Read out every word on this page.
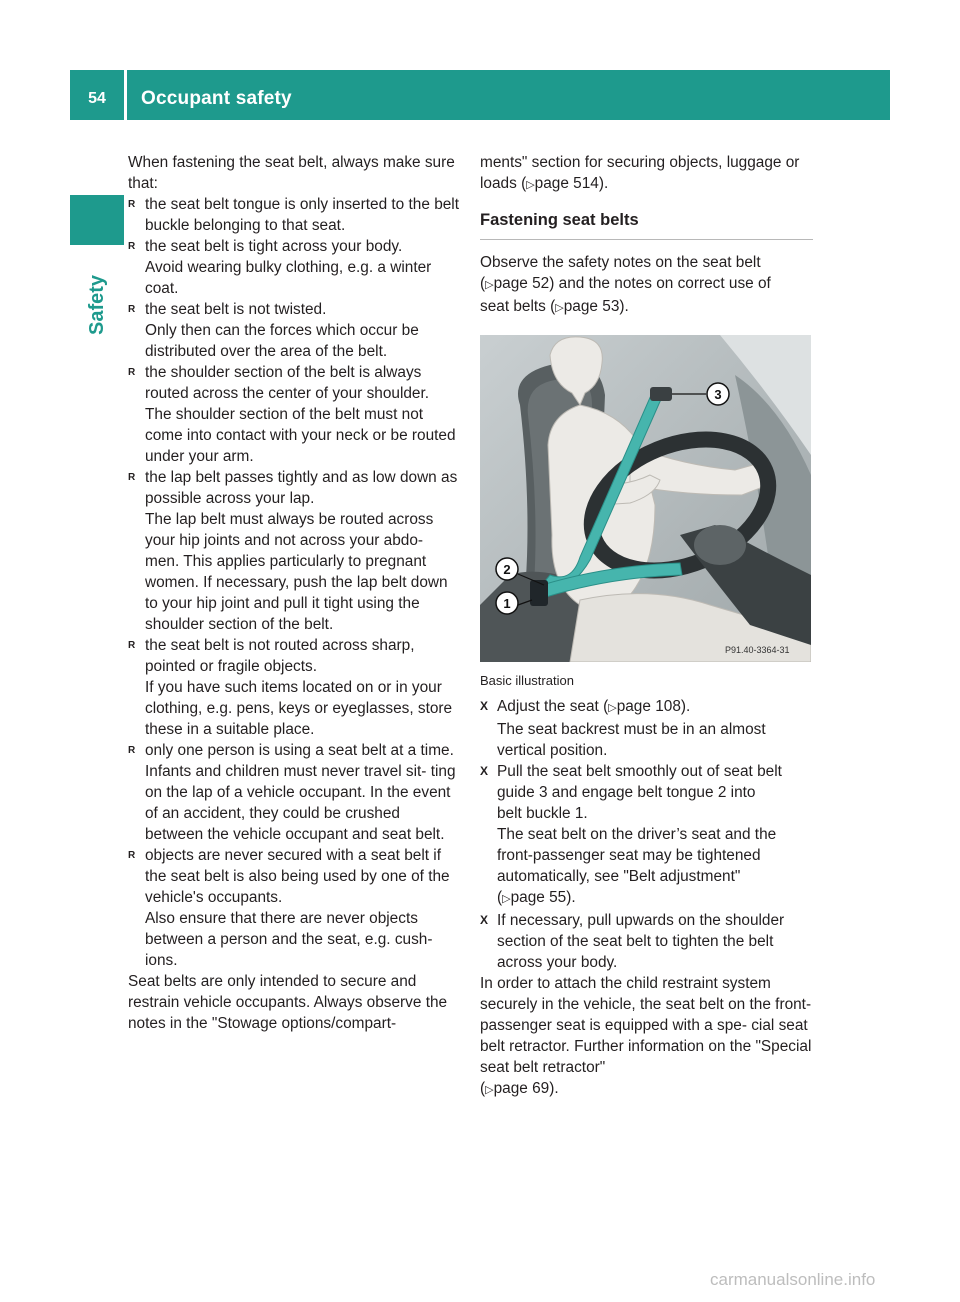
54	Occupant safety
Safety

When fastening the seat belt, always make sure that:

R the seat belt tongue is only inserted to the belt buckle belonging to that seat.

R the seat belt is tight across your body.

Avoid wearing bulky clothing, e.g. a winter coat.

R the seat belt is not twisted.

Only then can the forces which occur be distributed over the area of the belt.

R the shoulder section of the belt is always routed across the center of your shoulder.

The shoulder section of the belt must not come into contact with your neck or be routed under your arm.

R the lap belt passes tightly and as low down as possible across your lap.

The lap belt must always be routed across your hip joints and not across your abdo- men. This applies particularly to pregnant women. If necessary, push the lap belt down to your hip joint and pull it tight using the shoulder section of the belt.

R the seat belt is not routed across sharp, pointed or fragile objects.

If you have such items located on or in your clothing, e.g. pens, keys or eyeglasses, store these in a suitable place.

R only one person is using a seat belt at a time.

Infants and children must never travel sit- ting on the lap of a vehicle occupant. In the event of an accident, they could be crushed between the vehicle occupant and seat belt.

R objects are never secured with a seat belt if the seat belt is also being used by one of the vehicle's occupants.

Also ensure that there are never objects between a person and the seat, e.g. cush- ions.

Seat belts are only intended to secure and restrain vehicle occupants. Always observe the notes in the "Stowage options/compart-

ments" section for securing objects, luggage or loads (▷page 514).

Fastening seat belts

Observe the safety notes on the seat belt
(▷page 52) and the notes on correct use of
seat belts (▷page 53).

3
2
1
P91.40-3364-31
Basic illustration
X Adjust the seat (▷page 108).

The seat backrest must be in an almost vertical position.

X Pull the seat belt smoothly out of seat belt

guide 3 and engage belt tongue 2 into

belt buckle 1.

The seat belt on the driver’s seat and the front-passenger seat may be tightened automatically, see "Belt adjustment"

(▷page 55).

X If necessary, pull upwards on the shoulder section of the seat belt to tighten the belt across your body.

In order to attach the child restraint system securely in the vehicle, the seat belt on the front-passenger seat is equipped with a spe- cial seat belt retractor. Further information on the "Special seat belt retractor"

(▷page 69).

carmanualsonline.info
